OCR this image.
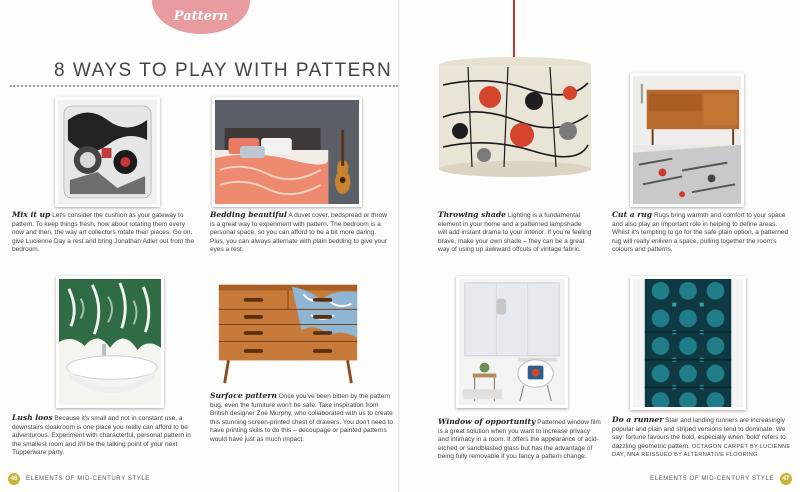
Pattern
8 WAYS TO PLAY WITH PATTERN
Mix it up Let's consider the cushion as your gateway to pattern. To keep things fresh, how about rotating them every now and then, the way art collectors rotate their pieces. Go on, give Lucienne Day a rest and bring Jonathan Adler out from the bedroom.
Bedding beautiful A duvet cover, bedspread or throw is a great way to experiment with pattern. The bedroom is a personal space, so you can afford to be a bit more daring. Plus, you can always alternate with plain bedding to give your eyes a rest.
Lush loos Because it's small and not in constant use, a downstairs cloakroom is one place you really can afford to be adventurous. Experiment with characterful, personal pattern in the smallest room and it'll be the talking point of your next Tupperware party.
Surface pattern Once you've been bitten by the pattern bug, even the furniture won't be safe. Take inspiration from British designer Zoe Murphy, who collaborated with us to create this stunning screen-printed chest of drawers. You don't need to have printing skills to do this – decoupage or painted patterns would have just as much impact.
46	ELEMENTS OF MID-CENTURY STYLE
Throwing shade Lighting is a fundamental element in your home and a patterned lampshade will add instant drama to your interior. If you're feeling brave, make your own shade – they can be a great way of using up awkward offcuts of vintage fabric.
Cut a rug Rugs bring warmth and comfort to your space and also play an important role in helping to define areas. Whilst it's tempting to go for the safe plain option, a patterned rug will really enliven a space, pulling together the room's colours and patterns.
Window of opportunity Patterned window film is a great solution when you want to increase privacy and intimacy in a room. It offers the appearance of acid-etched or sandblasted glass but has the advantage of being fully removable if you fancy a pattern change.
Do a runner Stair and landing runners are increasingly popular and plain and striped versions tend to dominate. We say: fortune favours the bold, especially when 'bold' refers to dazzling geometric pattern. OCTAGON CARPET BY LUCIENNE DAY, NNA REISSUED BY ALTERNATIVE FLOORING
ELEMENTS OF MID-CENTURY STYLE	47
